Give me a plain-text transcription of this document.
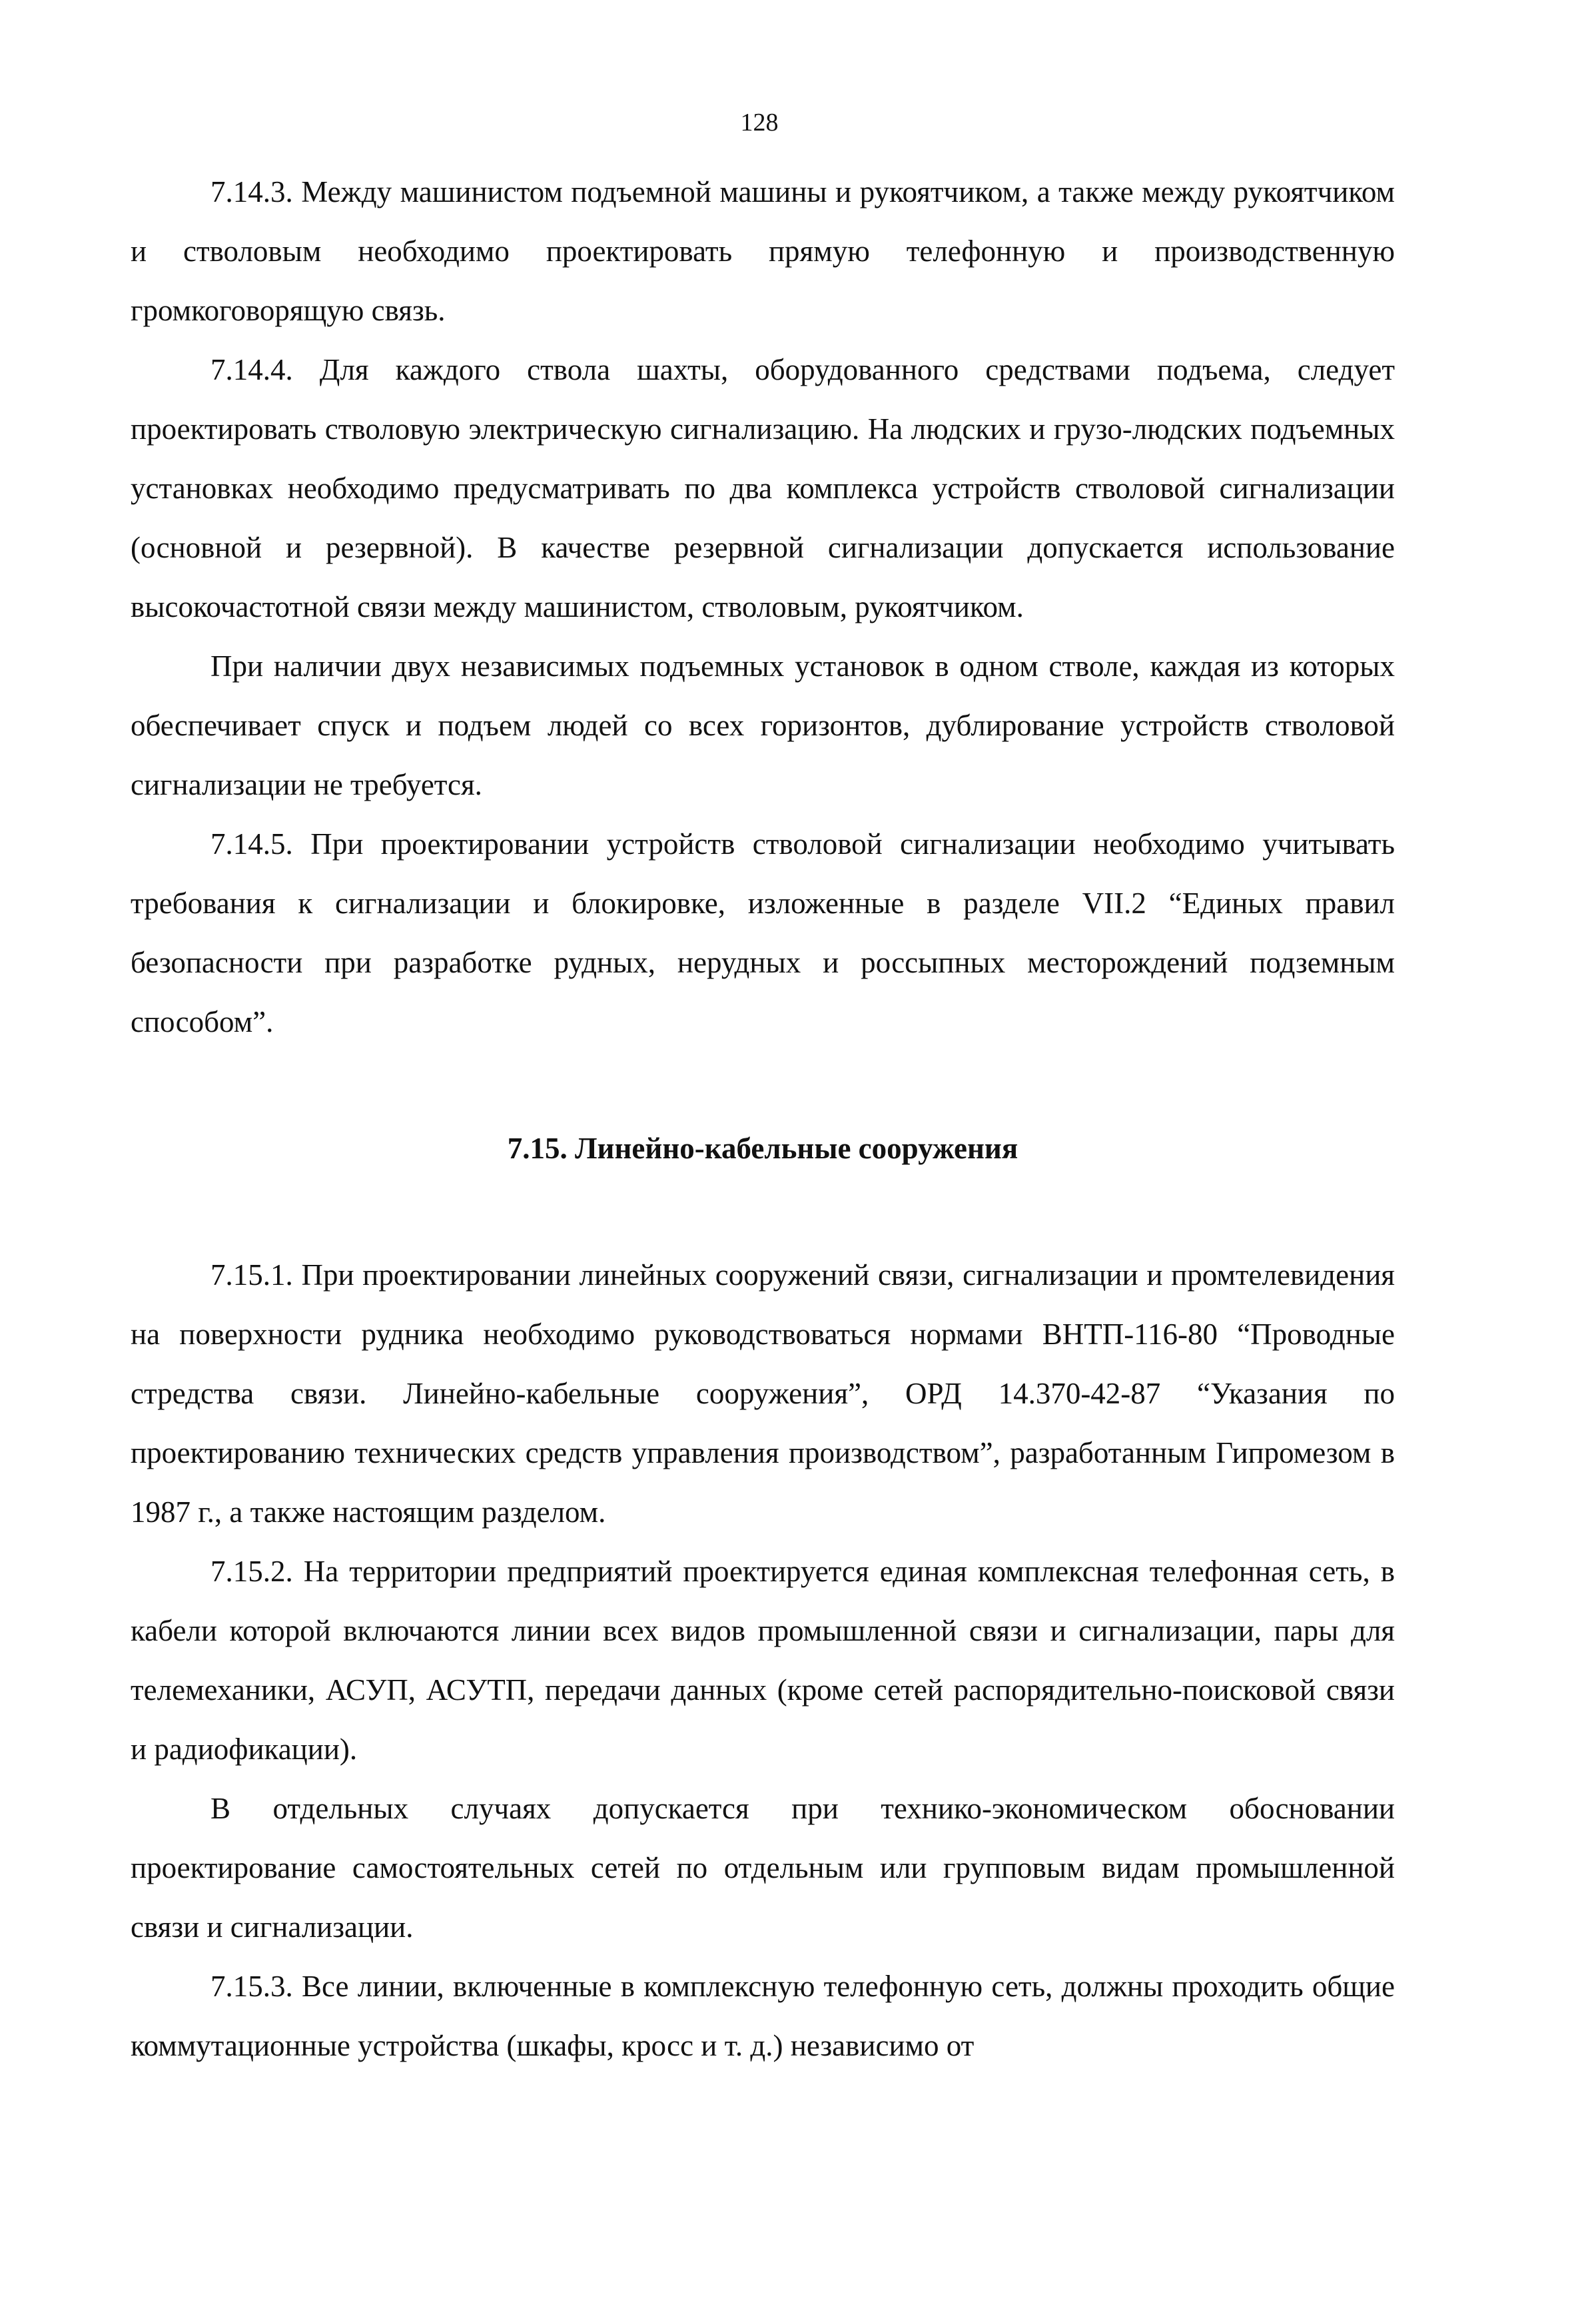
128

7.14.3. Между машинистом подъемной машины и рукоятчиком, а также между рукоятчиком и стволовым необходимо проектировать прямую телефонную и производственную громкоговорящую связь.

7.14.4. Для каждого ствола шахты, оборудованного средствами подъема, следует проектировать стволовую электрическую сигнализацию. На людских и грузо-людских подъемных установках необходимо предусматривать по два комплекса устройств стволовой сигнализации (основной и резервной). В качестве резервной сигнализации допускается использование высокочастотной связи между машинистом, стволовым, рукоятчиком.

При наличии двух независимых подъемных установок в одном стволе, каждая из которых обеспечивает спуск и подъем людей со всех горизонтов, дублирование устройств стволовой сигнализации не требуется.

7.14.5. При проектировании устройств стволовой сигнализации необходимо учитывать требования к сигнализации и блокировке, изложенные в разделе VII.2 “Единых правил безопасности при разработке рудных, нерудных и россыпных месторождений подземным способом”.

7.15. Линейно-кабельные сооружения

7.15.1. При проектировании линейных сооружений связи, сигнализации и промтелевидения на поверхности рудника необходимо руководствоваться нормами ВНТП-116-80 “Проводные стредства связи. Линейно-кабельные сооружения”, ОРД 14.370-42-87 “Указания по проектированию технических средств управления производством”, разработанным Гипромезом в 1987 г., а также настоящим разделом.

7.15.2. На территории предприятий проектируется единая комплексная телефонная сеть, в кабели которой включаются линии всех видов промышленной связи и сигнализации, пары для телемеханики, АСУП, АСУТП, передачи данных (кроме сетей распорядительно-поисковой связи и радиофикации).

В отдельных случаях допускается при технико-экономическом обосновании проектирование самостоятельных сетей по отдельным или групповым видам промышленной связи и сигнализации.

7.15.3. Все линии, включенные в комплексную телефонную сеть, должны проходить общие коммутационные устройства (шкафы, кросс и т. д.) независимо от
